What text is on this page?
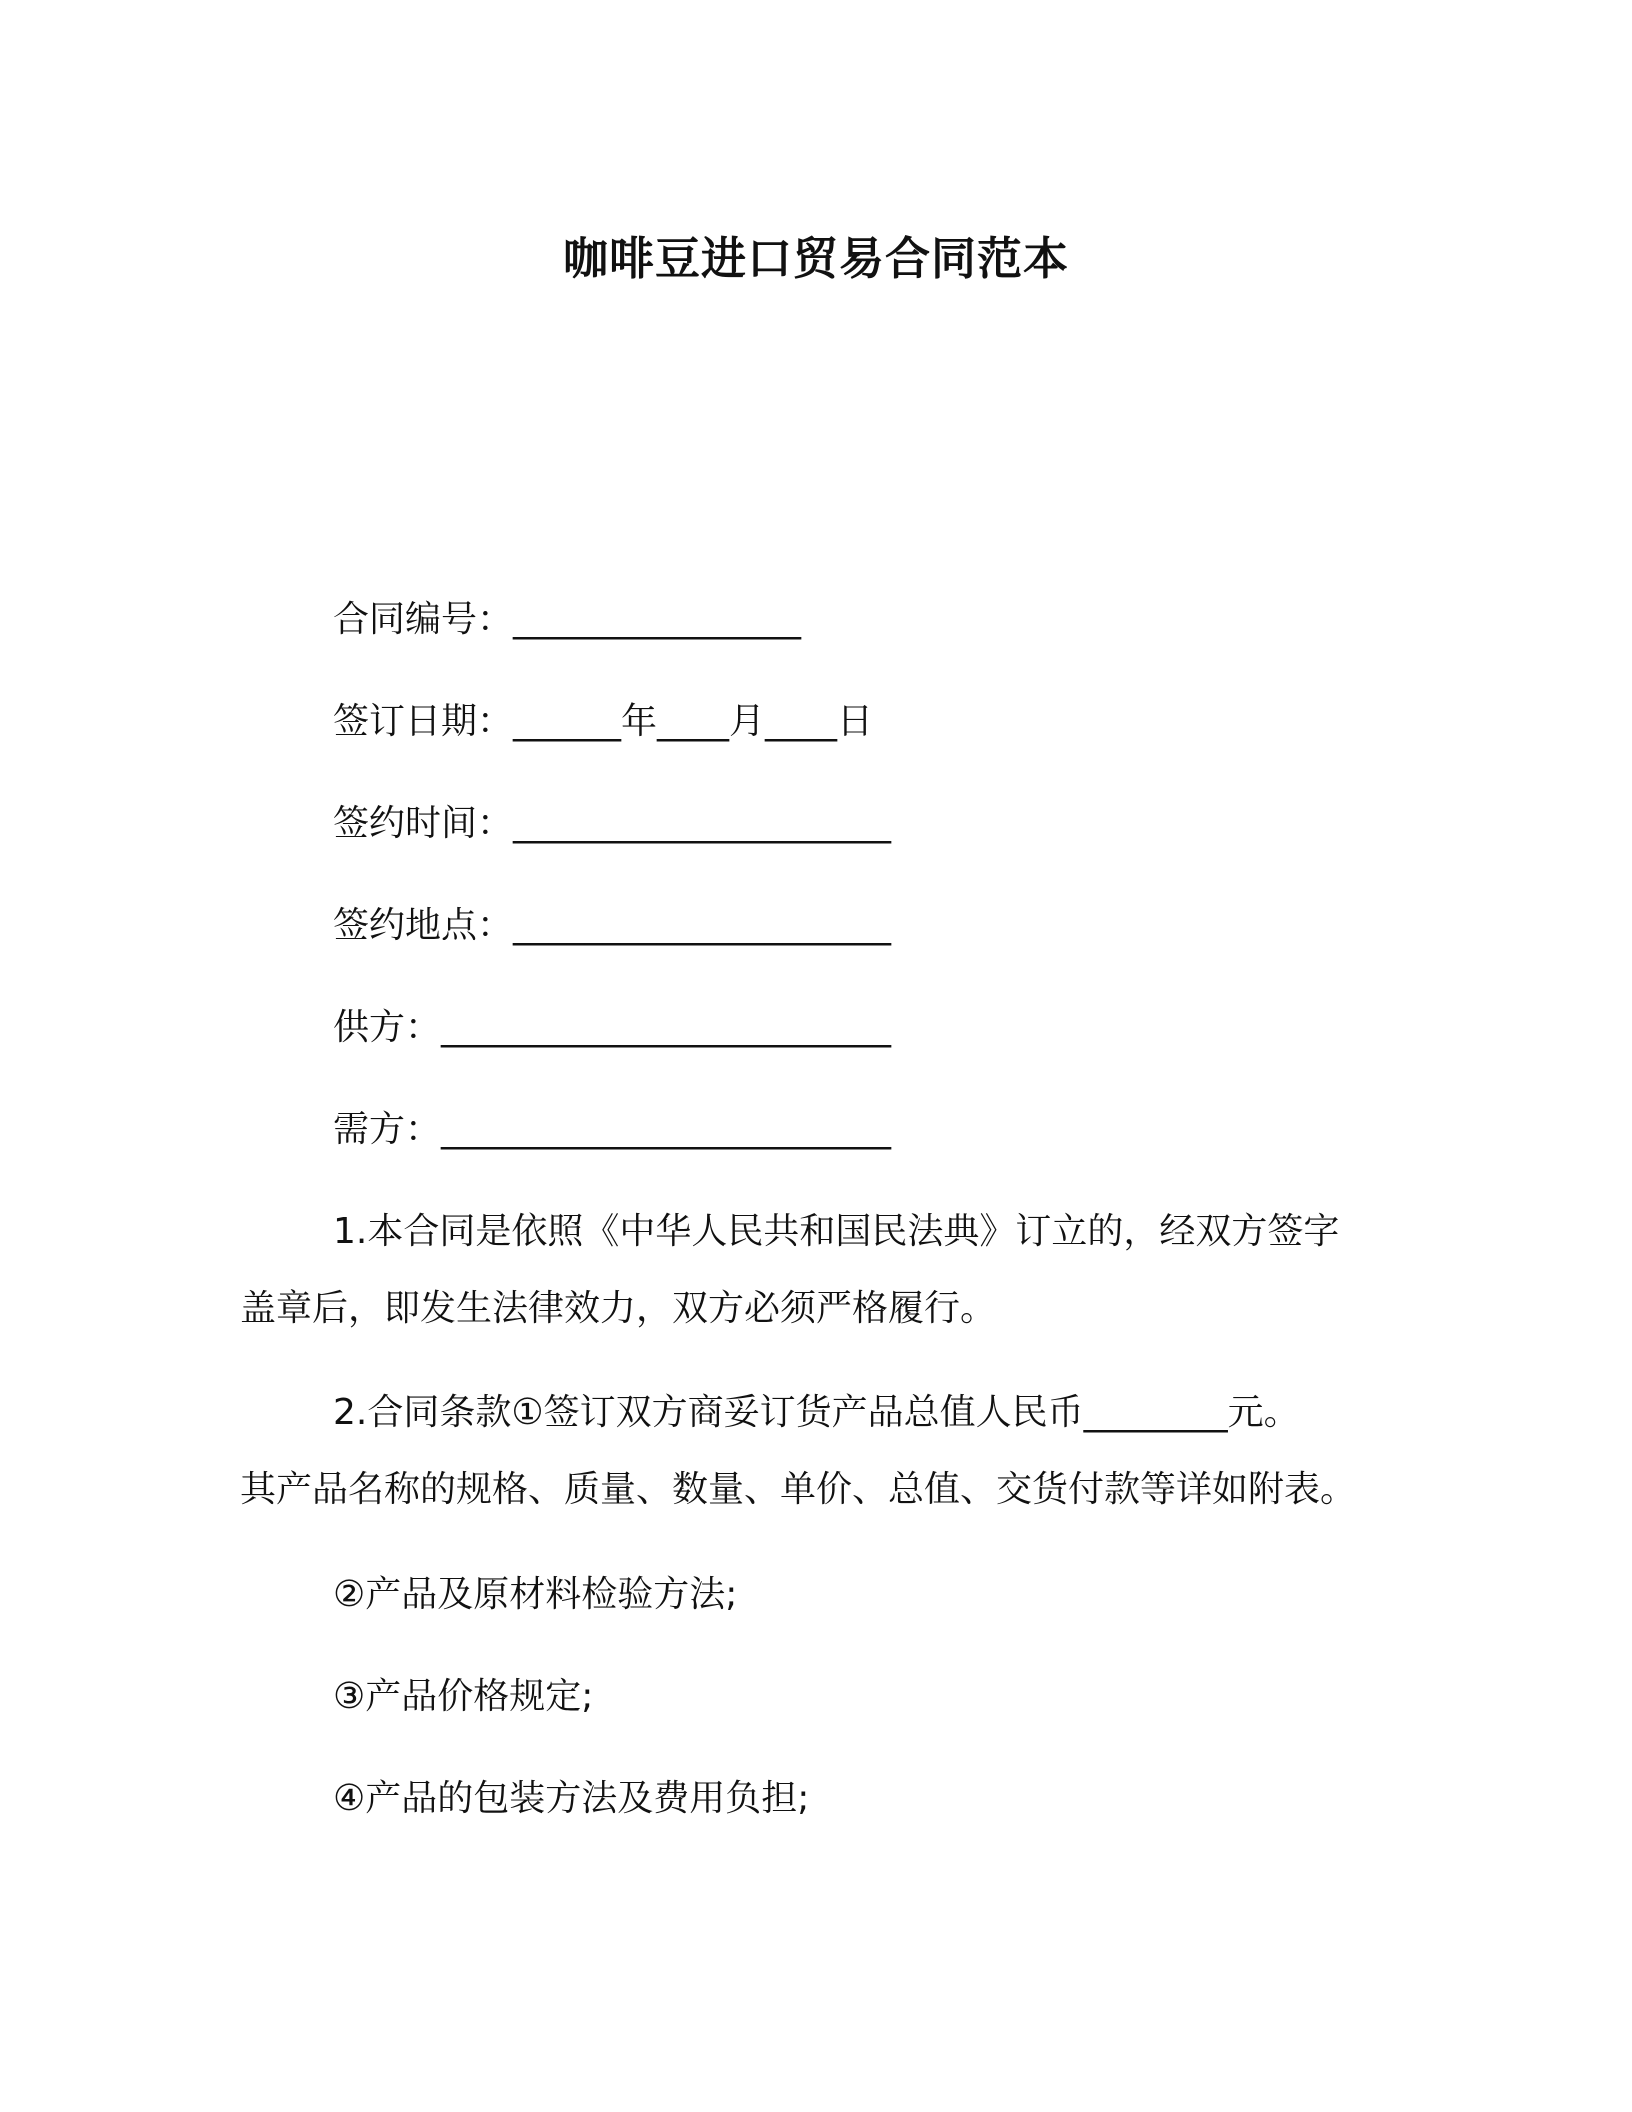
咖啡豆进口贸易合同范本
合同编号：________________
签订日期：______年____月____日
签约时间：_____________________
签约地点：_____________________
供方：_________________________
需方：_________________________
1.本合同是依照《中华人民共和国民法典》订立的，经双方签字
盖章后，即发生法律效力，双方必须严格履行。
2.合同条款①签订双方商妥订货产品总值人民币________元。
其产品名称的规格、质量、数量、单价、总值、交货付款等详如附表。
②产品及原材料检验方法;
③产品价格规定;
④产品的包装方法及费用负担;
